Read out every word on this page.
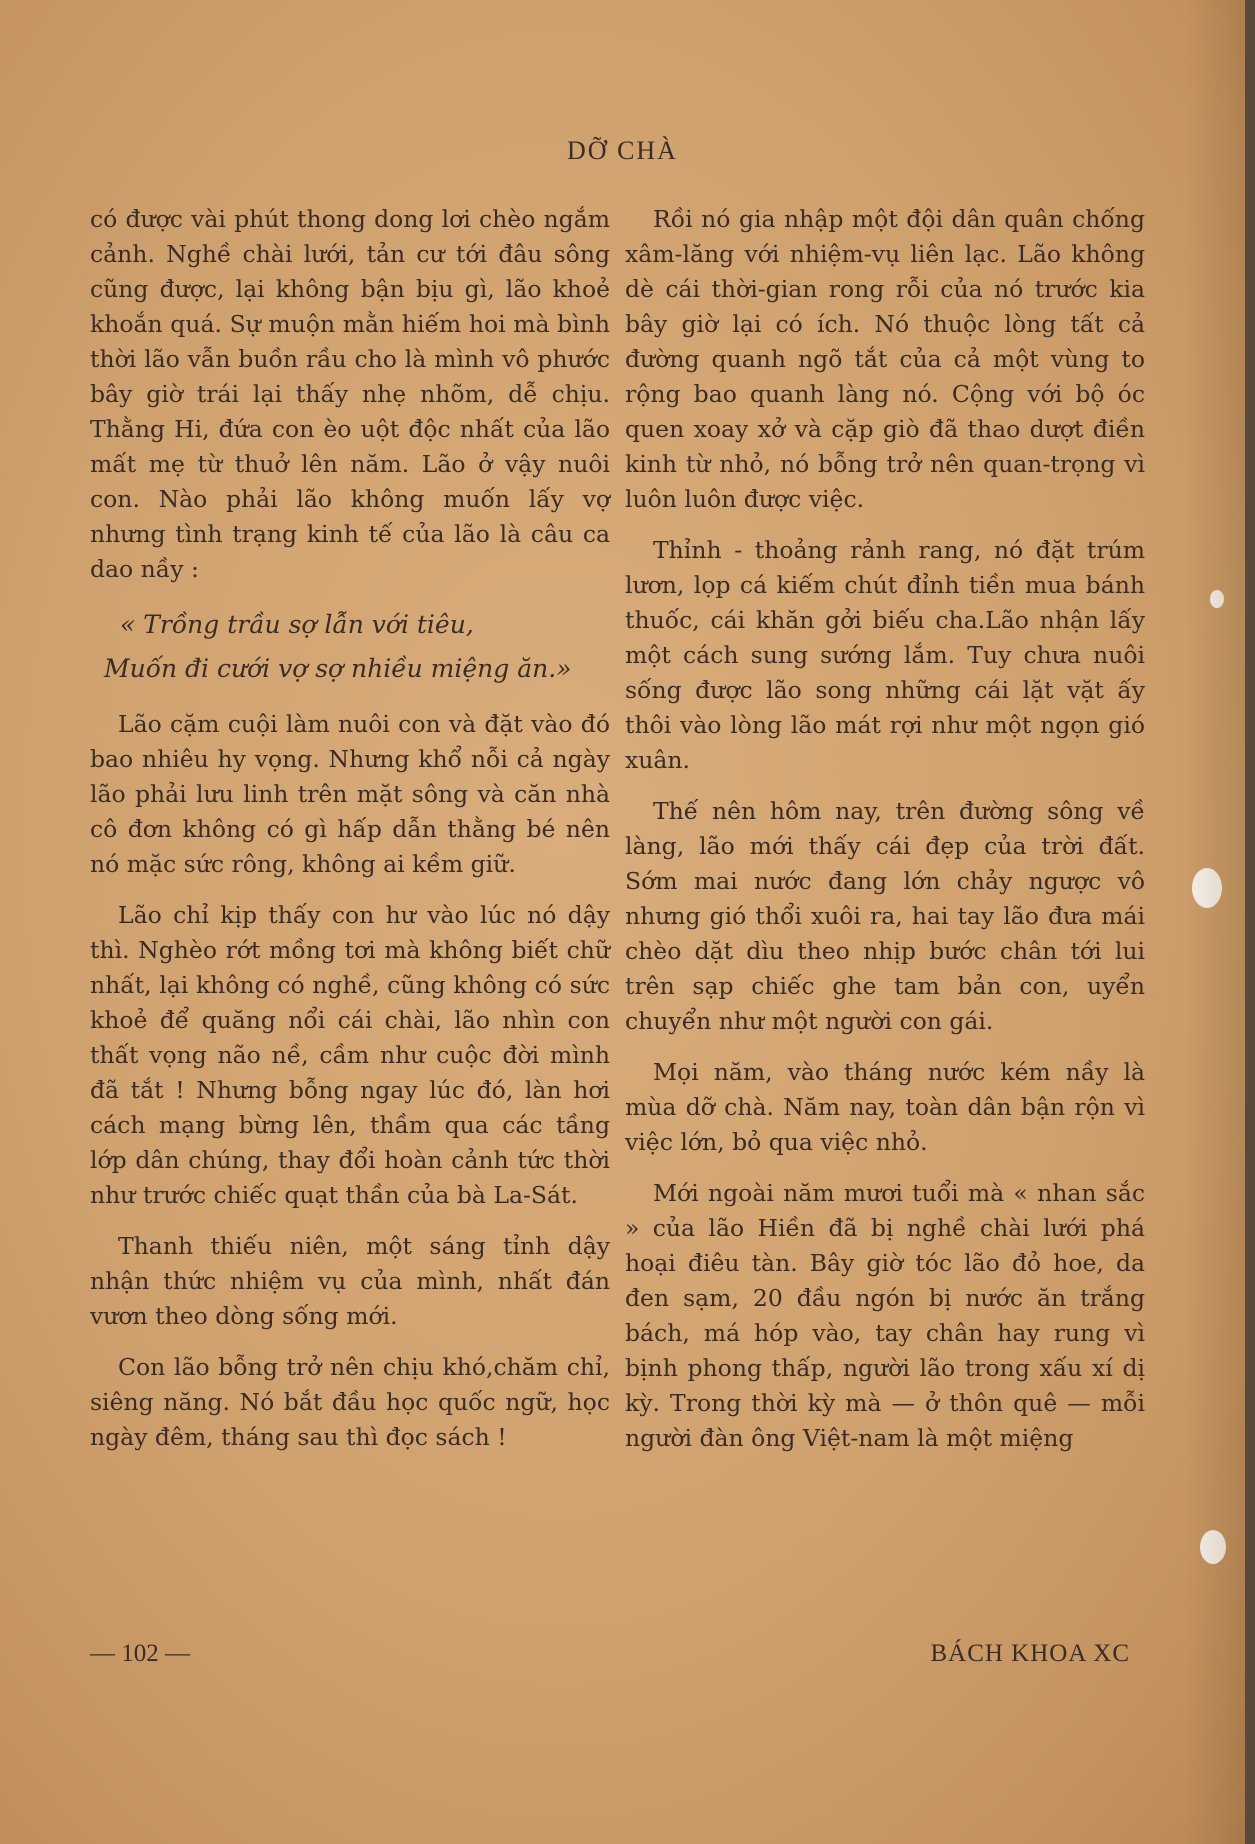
DỠ CHÀ

có được vài phút thong dong lơi chèo ngắm cảnh. Nghề chài lưới, tản cư tới đâu sông cũng được, lại không bận bịu gì, lão khoẻ khoắn quá. Sự muộn mằn hiếm hoi mà bình thời lão vẫn buồn rầu cho là mình vô phước bây giờ trái lại thấy nhẹ nhõm, dễ chịu. Thằng Hi, đứa con èo uột độc nhất của lão mất mẹ từ thuở lên năm. Lão ở vậy nuôi con. Nào phải lão không muốn lấy vợ nhưng tình trạng kinh tế của lão là câu ca dao nầy :

« Trồng trầu sợ lẫn với tiêu,
Muốn đi cưới vợ sợ nhiều miệng ăn.»

Lão cặm cuội làm nuôi con và đặt vào đó bao nhiêu hy vọng. Nhưng khổ nỗi cả ngày lão phải lưu linh trên mặt sông và căn nhà cô đơn không có gì hấp dẫn thằng bé nên nó mặc sức rông, không ai kềm giữ.

Lão chỉ kịp thấy con hư vào lúc nó dậy thì. Nghèo rớt mồng tơi mà không biết chữ nhất, lại không có nghề, cũng không có sức khoẻ để quăng nổi cái chài, lão nhìn con thất vọng não nề, cầm như cuộc đời mình đã tắt ! Nhưng bỗng ngay lúc đó, làn hơi cách mạng bừng lên, thầm qua các tầng lớp dân chúng, thay đổi hoàn cảnh tức thời như trước chiếc quạt thần của bà La-Sát.

Thanh thiếu niên, một sáng tỉnh dậy nhận thức nhiệm vụ của mình, nhất đán vươn theo dòng sống mới.

Con lão bỗng trở nên chịu khó,chăm chỉ, siêng năng. Nó bắt đầu học quốc ngữ, học ngày đêm, tháng sau thì đọc sách !

Rồi nó gia nhập một đội dân quân chống xâm-lăng với nhiệm-vụ liên lạc. Lão không dè cái thời-gian rong rỗi của nó trước kia bây giờ lại có ích. Nó thuộc lòng tất cả đường quanh ngõ tắt của cả một vùng to rộng bao quanh làng nó. Cộng với bộ óc quen xoay xở và cặp giò đã thao dượt điền kinh từ nhỏ, nó bỗng trở nên quan-trọng vì luôn luôn được việc.

Thỉnh - thoảng rảnh rang, nó đặt trúm lươn, lọp cá kiếm chút đỉnh tiền mua bánh thuốc, cái khăn gởi biếu cha.Lão nhận lấy một cách sung sướng lắm. Tuy chưa nuôi sống được lão song những cái lặt vặt ấy thôi vào lòng lão mát rợi như một ngọn gió xuân.

Thế nên hôm nay, trên đường sông về làng, lão mới thấy cái đẹp của trời đất. Sớm mai nước đang lớn chảy ngược vô nhưng gió thổi xuôi ra, hai tay lão đưa mái chèo dặt dìu theo nhịp bước chân tới lui trên sạp chiếc ghe tam bản con, uyển chuyển như một người con gái.

Mọi năm, vào tháng nước kém nầy là mùa dỡ chà. Năm nay, toàn dân bận rộn vì việc lớn, bỏ qua việc nhỏ.

Mới ngoài năm mươi tuổi mà « nhan sắc » của lão Hiền đã bị nghề chài lưới phá hoại điêu tàn. Bây giờ tóc lão đỏ hoe, da đen sạm, 20 đầu ngón bị nước ăn trắng bách, má hóp vào, tay chân hay rung vì bịnh phong thấp, người lão trong xấu xí dị kỳ. Trong thời kỳ mà — ở thôn quê — mỗi người đàn ông Việt-nam là một miệng

— 102 —	BÁCH KHOA XC
